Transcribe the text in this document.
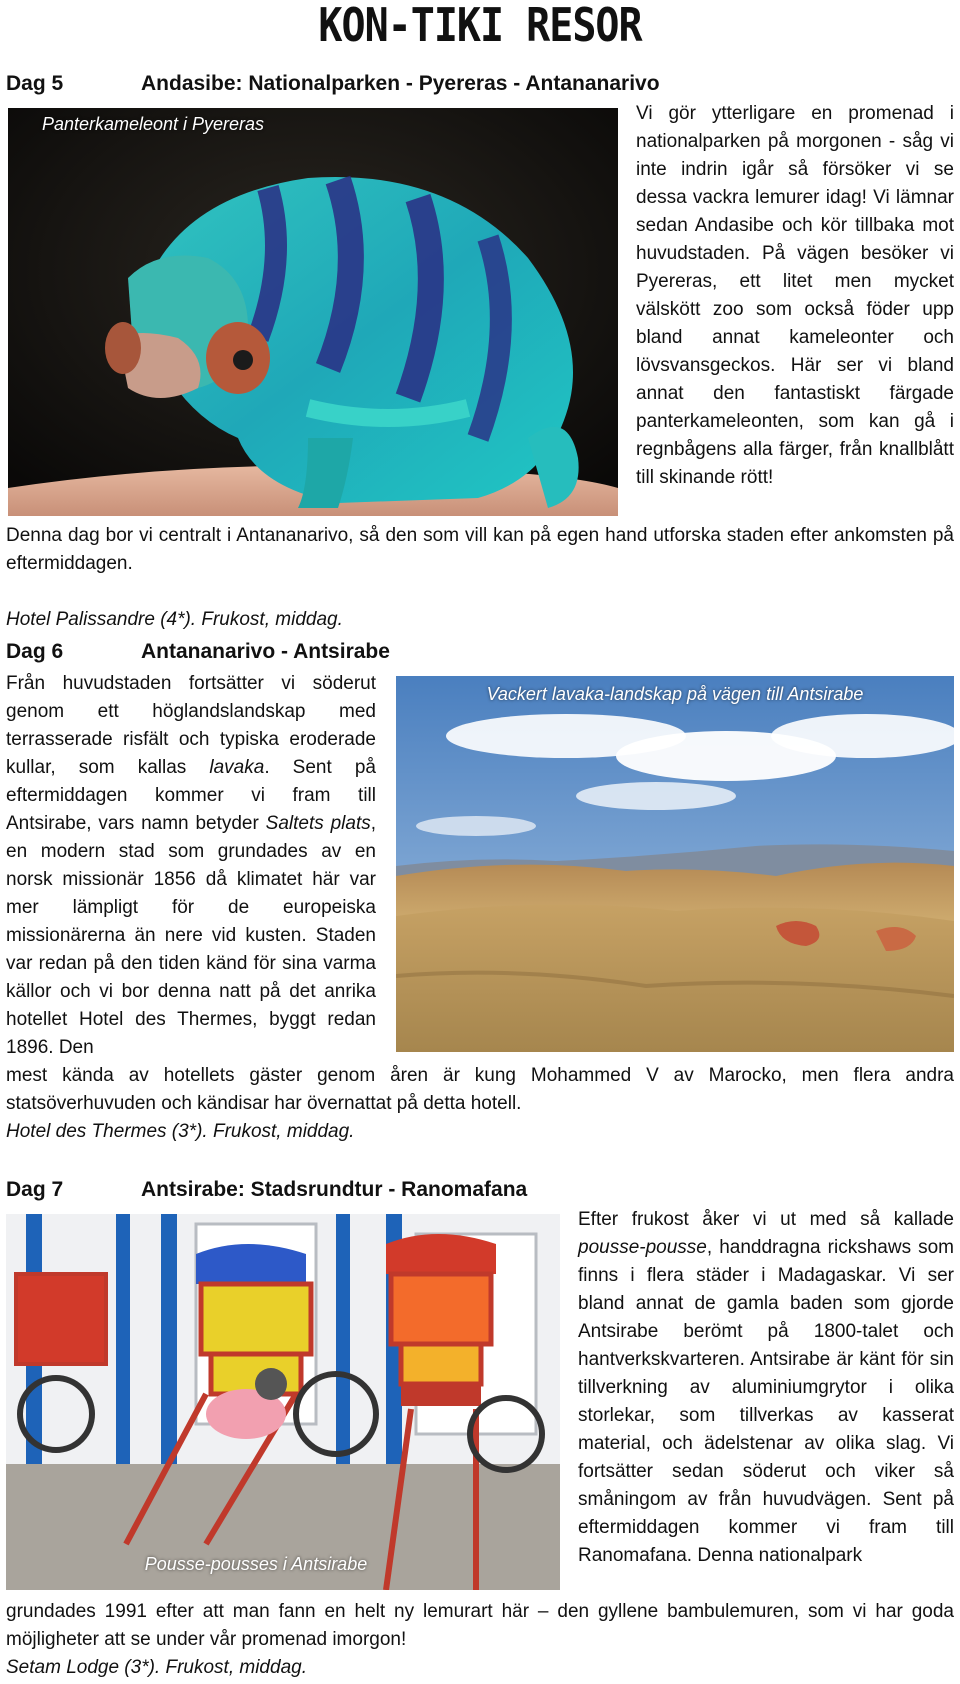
KON-TIKI RESOR
Dag 5	Andasibe: Nationalparken - Pyereras - Antananarivo
Panterkameleont i Pyereras	Vi gör ytterligare en promenad i nationalparken på morgonen - såg vi inte indrin igår så försöker vi se dessa vackra lemurer idag! Vi lämnar sedan Andasibe och kör tillbaka mot huvudstaden. På vägen besöker vi Pyereras, ett litet men mycket välskött zoo som också föder upp bland annat kameleonter och lövsvansgeckos. Här ser vi bland annat den fantastiskt färgade panterkameleonten, som kan gå i regnbågens alla färger, från knallblått till skinande rött!
Denna dag bor vi centralt i Antananarivo, så den som vill kan på egen hand utforska staden efter ankomsten på eftermiddagen.
Hotel Palissandre (4*). Frukost, middag.
Dag 6	Antananarivo - Antsirabe
Vackert lavaka-landskap på vägen till Antsirabe
Från huvudstaden fortsätter vi söderut genom ett höglandslandskap med terrasserade risfält och typiska eroderade kullar, som kallas lavaka. Sent på eftermiddagen kommer vi fram till Antsirabe, vars namn betyder Saltets plats, en modern stad som grundades av en norsk missionär 1856 då klimatet här var mer lämpligt för de europeiska missionärerna än nere vid kusten. Staden var redan på den tiden känd för sina varma källor och vi bor denna natt på det anrika hotellet Hotel des Thermes, byggt redan 1896. Den
mest kända av hotellets gäster genom åren är kung Mohammed V av Marocko, men flera andra statsöverhuvuden och kändisar har övernattat på detta hotell.
Hotel des Thermes (3*). Frukost, middag.
Dag 7	Antsirabe: Stadsrundtur - Ranomafana
Pousse-pousses i Antsirabe
Efter frukost åker vi ut med så kallade pousse-pousse, handdragna rickshaws som finns i flera städer i Madagaskar. Vi ser bland annat de gamla baden som gjorde Antsirabe berömt på 1800-talet och hantverkskvarteren. Antsirabe är känt för sin tillverkning av aluminiumgrytor i olika storlekar, som tillverkas av kasserat material, och ädelstenar av olika slag. Vi fortsätter sedan söderut och viker så småningom av från huvudvägen. Sent på eftermiddagen kommer vi fram till Ranomafana. Denna nationalpark
grundades 1991 efter att man fann en helt ny lemurart här – den gyllene bambulemuren, som vi har goda möjligheter att se under vår promenad imorgon!
Setam Lodge (3*). Frukost, middag.
